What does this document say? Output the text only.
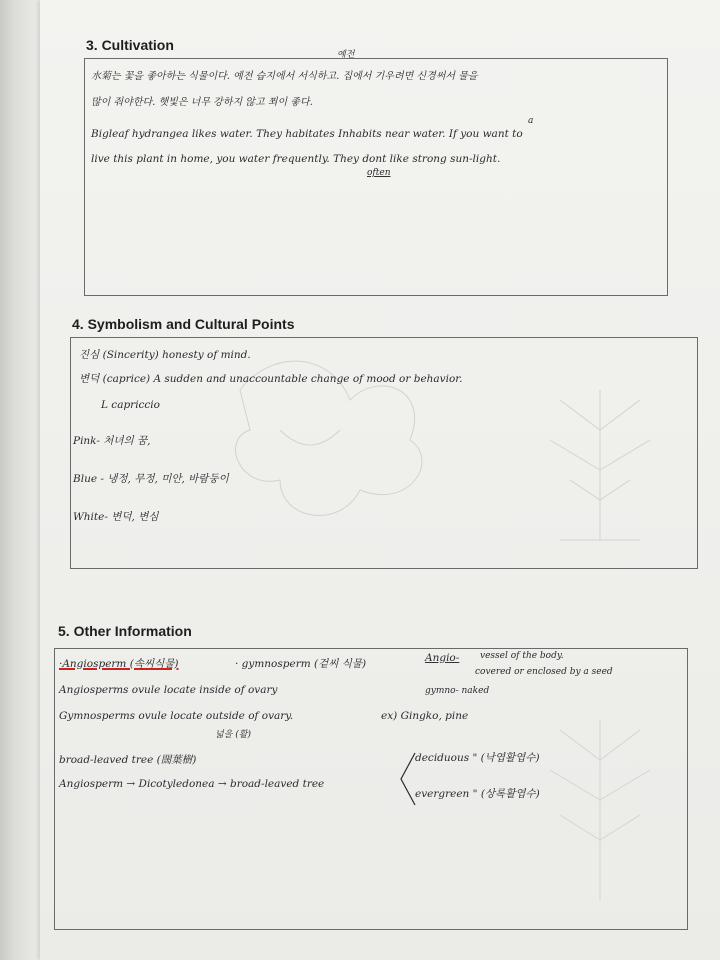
3. Cultivation

水菊는 꽃을 좋아하는 식물이다. 예전 습지에서 서식하고. 집에서 기우려면 신경써서 물을

예전

많이 줘야한다. 햇빛은 너무 강하지 않고 쬐이 좋다.

Bigleaf hydrangea likes water. They habitates Inhabits near water. If you want to

a

live this plant in home, you water frequently. They dont like strong sun-light.

often

4. Symbolism and Cultural Points

진심 (Sincerity) honesty of mind.

변덕 (caprice) A sudden and unaccountable change of mood or behavior.

L capriccio

Pink- 처녀의 꿈,

Blue - 냉정, 무정, 미안, 바람둥이

White- 변덕, 변심

5. Other Information

·Angiosperm (속씨식물)	· gymnosperm (겉씨 식물)	Angio- vessel of the body.

covered or enclosed by a seed

Angiosperms ovule locate inside of ovary	gymno- naked

Gymnosperms ovule locate outside of ovary.	ex) Gingko, pine

넓을 (활)

broad-leaved tree (闊葉樹)

Angiosperm → Dicotyledonea → broad-leaved tree

deciduous " (낙엽활엽수)

evergreen " (상록활엽수)
